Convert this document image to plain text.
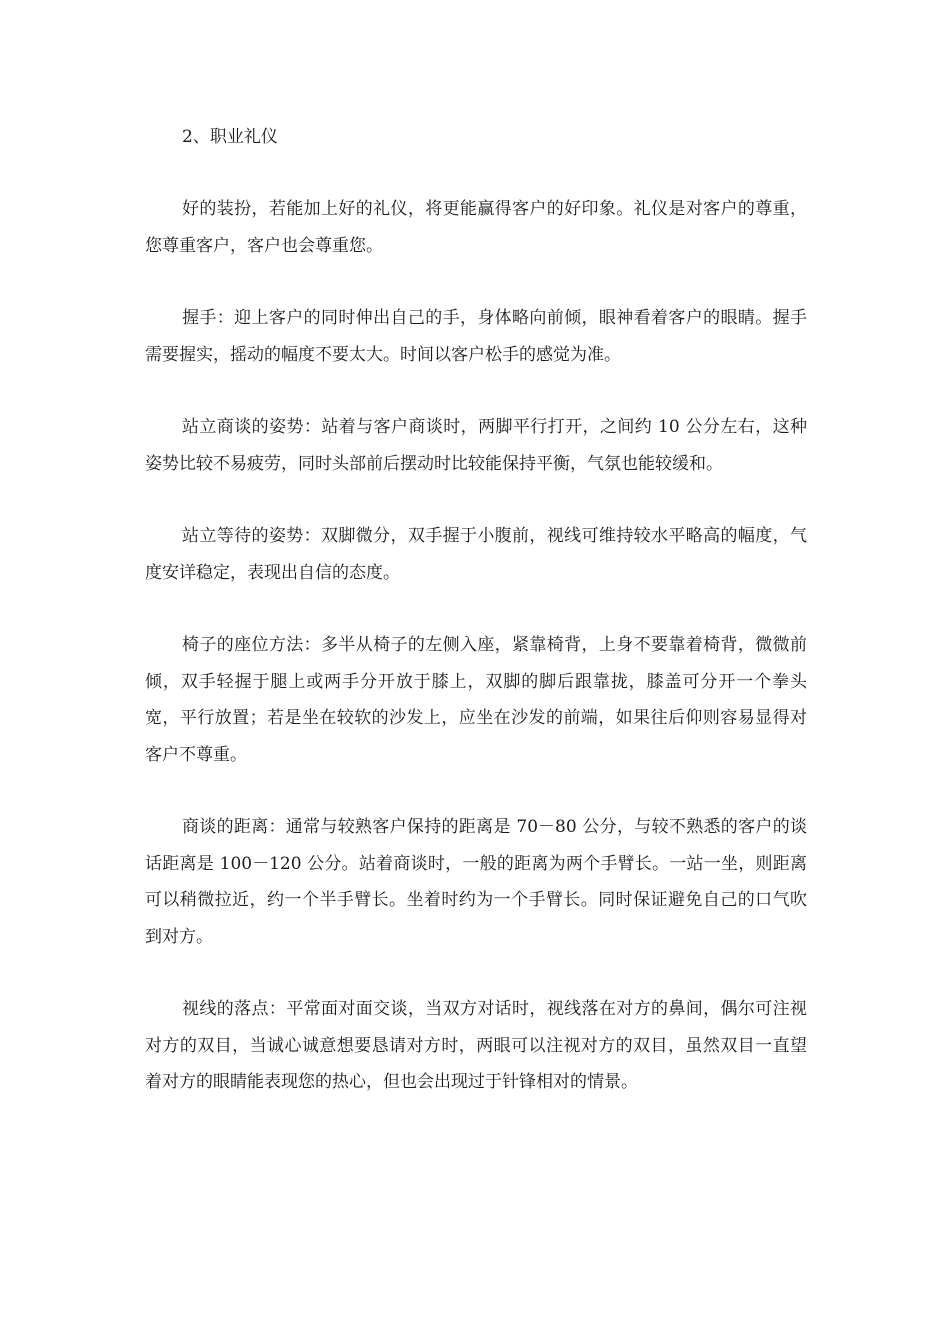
2、职业礼仪

好的装扮，若能加上好的礼仪，将更能赢得客户的好印象。礼仪是对客户的尊重，您尊重客户，客户也会尊重您。

握手：迎上客户的同时伸出自己的手，身体略向前倾，眼神看着客户的眼睛。握手需要握实，摇动的幅度不要太大。时间以客户松手的感觉为准。

站立商谈的姿势：站着与客户商谈时，两脚平行打开，之间约 10 公分左右，这种姿势比较不易疲劳，同时头部前后摆动时比较能保持平衡，气氛也能较缓和。

站立等待的姿势：双脚微分，双手握于小腹前，视线可维持较水平略高的幅度，气度安详稳定，表现出自信的态度。

椅子的座位方法：多半从椅子的左侧入座，紧靠椅背，上身不要靠着椅背，微微前倾，双手轻握于腿上或两手分开放于膝上，双脚的脚后跟靠拢，膝盖可分开一个拳头宽，平行放置；若是坐在较软的沙发上，应坐在沙发的前端，如果往后仰则容易显得对客户不尊重。

商谈的距离：通常与较熟客户保持的距离是 70－80 公分，与较不熟悉的客户的谈话距离是 100－120 公分。站着商谈时，一般的距离为两个手臂长。一站一坐，则距离可以稍微拉近，约一个半手臂长。坐着时约为一个手臂长。同时保证避免自己的口气吹到对方。

视线的落点：平常面对面交谈，当双方对话时，视线落在对方的鼻间，偶尔可注视对方的双目，当诚心诚意想要恳请对方时，两眼可以注视对方的双目，虽然双目一直望着对方的眼睛能表现您的热心，但也会出现过于针锋相对的情景。
